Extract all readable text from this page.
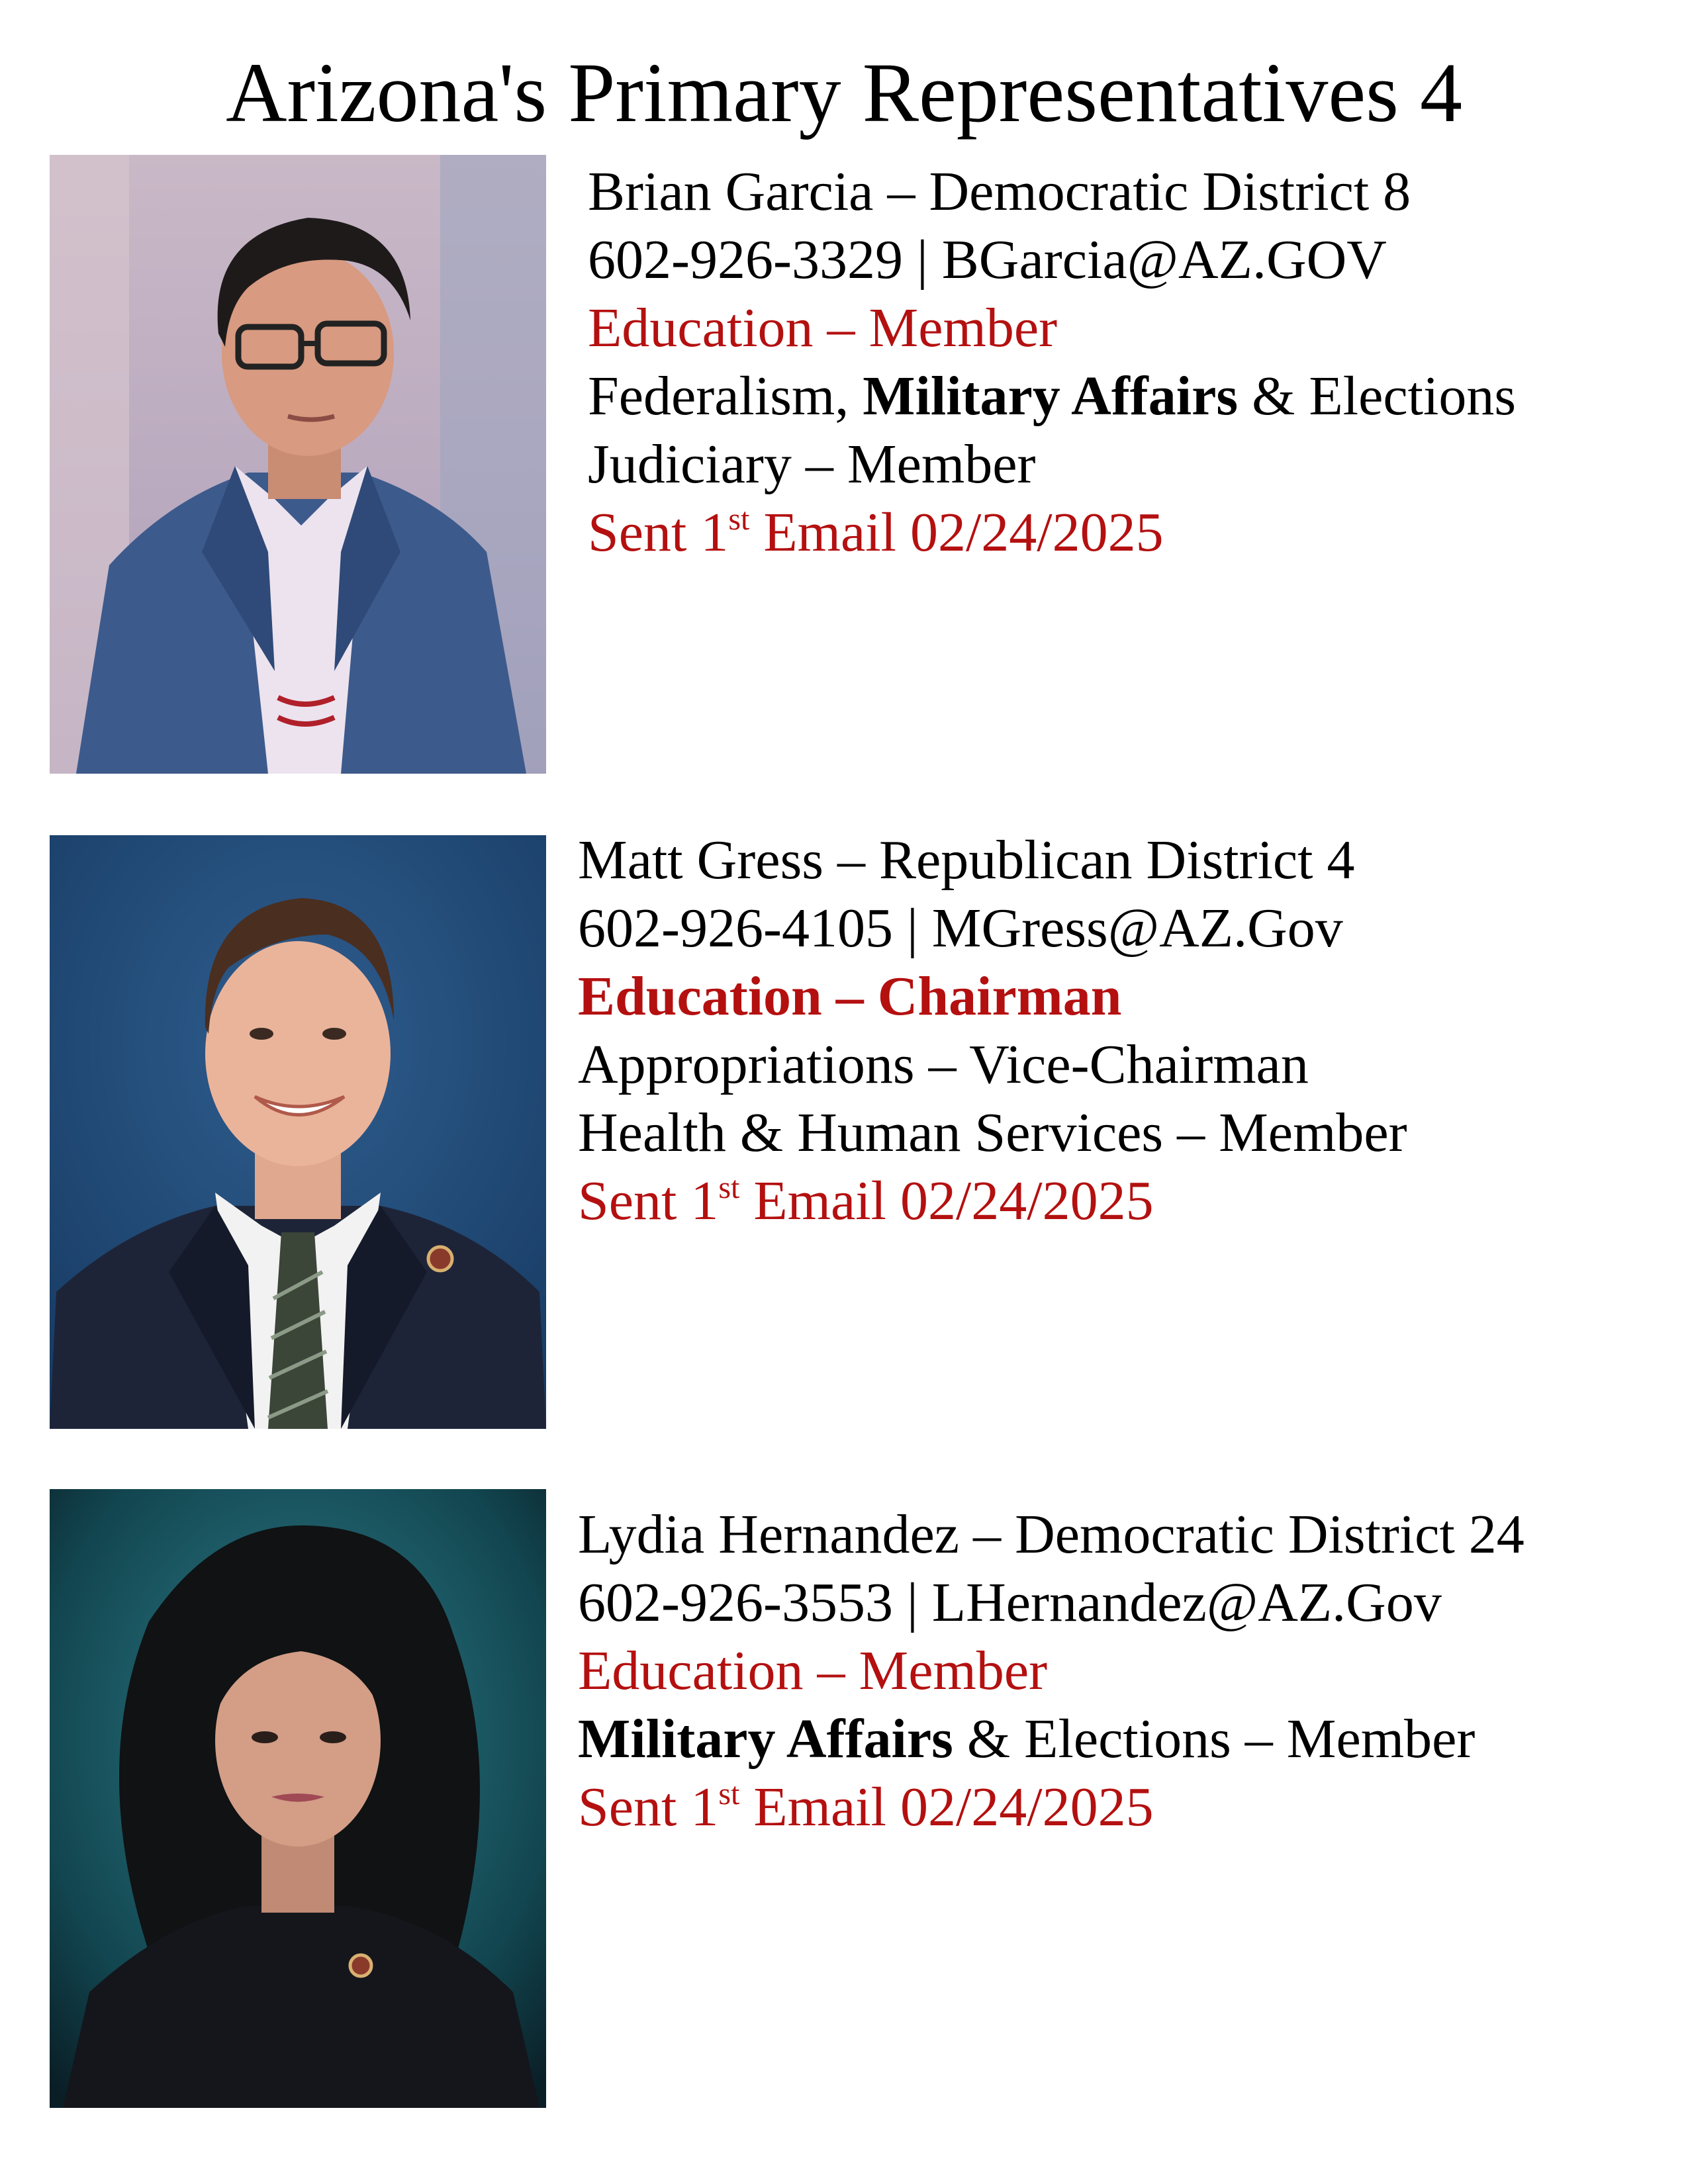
Arizona's Primary Representatives 4
Brian Garcia – Democratic District 8
602-926-3329 | BGarcia@AZ.GOV
Education – Member
Federalism, Military Affairs & Elections
Judiciary – Member
Sent 1st Email 02/24/2025
Matt Gress – Republican District 4
602-926-4105 | MGress@AZ.Gov
Education – Chairman
Appropriations – Vice-Chairman
Health & Human Services – Member
Sent 1st Email 02/24/2025
Lydia Hernandez – Democratic District 24
602-926-3553 | LHernandez@AZ.Gov
Education – Member
Military Affairs & Elections – Member
Sent 1st Email 02/24/2025
